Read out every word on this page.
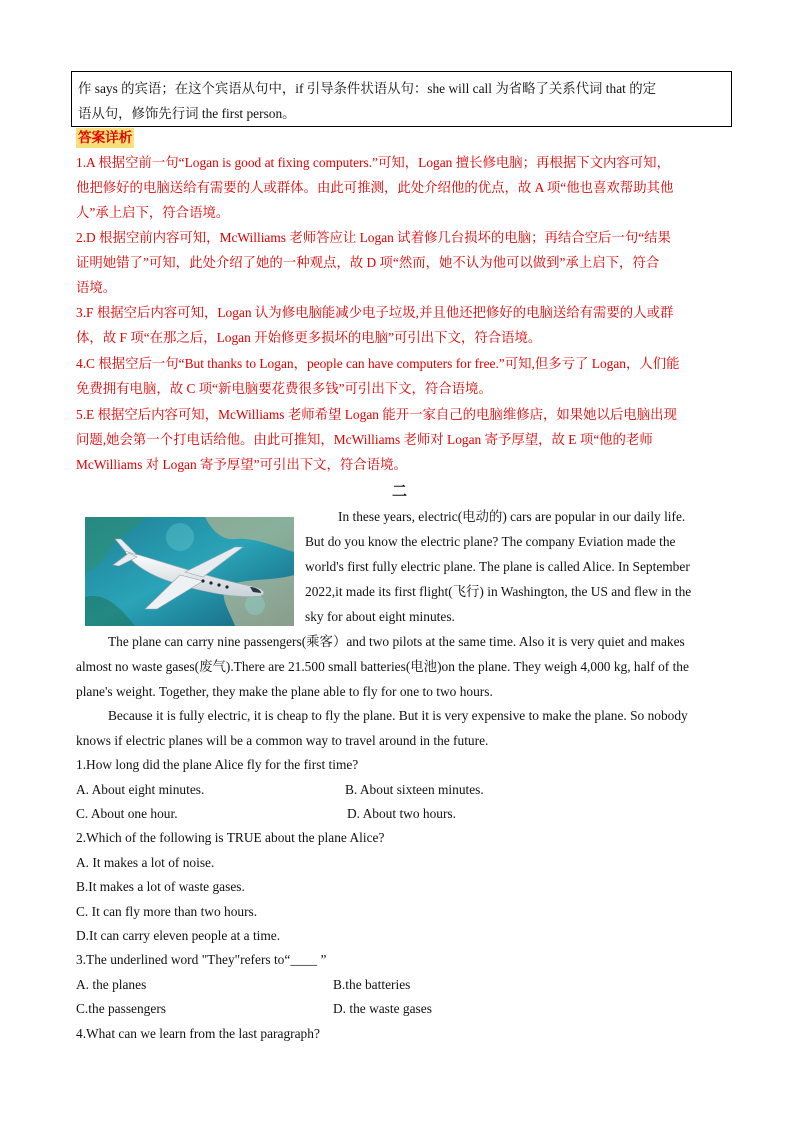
作 says 的宾语；在这个宾语从句中，if 引导条件状语从句：she will call 为省略了关系代词 that 的定
语从句，修饰先行词 the first person。
答案详析
1.A 根据空前一句“Logan is good at fixing computers.”可知，Logan 擅长修电脑；再根据下文内容可知，
他把修好的电脑送给有需要的人或群体。由此可推测，此处介绍他的优点，故 A 项“他也喜欢帮助其他
人”承上启下，符合语境。
2.D 根据空前内容可知，McWilliams 老师答应让 Logan 试着修几台损坏的电脑；再结合空后一句“结果
证明她错了”可知，此处介绍了她的一种观点，故 D 项“然而，她不认为他可以做到”承上启下，符合
语境。
3.F 根据空后内容可知，Logan 认为修电脑能减少电子垃圾,并且他还把修好的电脑送给有需要的人或群
体，故 F 项“在那之后，Logan 开始修更多损坏的电脑”可引出下文，符合语境。
4.C 根据空后一句“But thanks to Logan，people can have computers for free.”可知,但多亏了 Logan，人们能
免费拥有电脑，故 C 项“新电脑要花费很多钱”可引出下文，符合语境。
5.E 根据空后内容可知，McWilliams 老师希望 Logan 能开一家自己的电脑维修店，如果她以后电脑出现
问题,她会第一个打电话给他。由此可推知，McWilliams 老师对 Logan 寄予厚望，故 E 项“他的老师
McWilliams 对 Logan 寄予厚望”可引出下文，符合语境。
二
In these years, electric(电动的) cars are popular in our daily life.
But do you know the electric plane? The company Eviation made the
world's first fully electric plane. The plane is called Alice. In September
2022,it made its first flight(飞行) in Washington, the US and flew in the
sky for about eight minutes.
The plane can carry nine passengers(乘客）and two pilots at the same time. Also it is very quiet and makes
almost no waste gases(废气).There are 21.500 small batteries(电池)on the plane. They weigh 4,000 kg, half of the
plane's weight. Together, they make the plane able to fly for one to two hours.
Because it is fully electric, it is cheap to fly the plane. But it is very expensive to make the plane. So nobody
knows if electric planes will be a common way to travel around in the future.
1.How long did the plane Alice fly for the first time?
A. About eight minutes.	B. About sixteen minutes.
C. About one hour.	D. About two hours.
2.Which of the following is TRUE about the plane Alice?
A. It makes a lot of noise.
B.It makes a lot of waste gases.
C. It can fly more than two hours.
D.It can carry eleven people at a time.
3.The underlined word "They"refers to“____ ”
A. the planes	B.the batteries
C.the passengers	D. the waste gases
4.What can we learn from the last paragraph?
